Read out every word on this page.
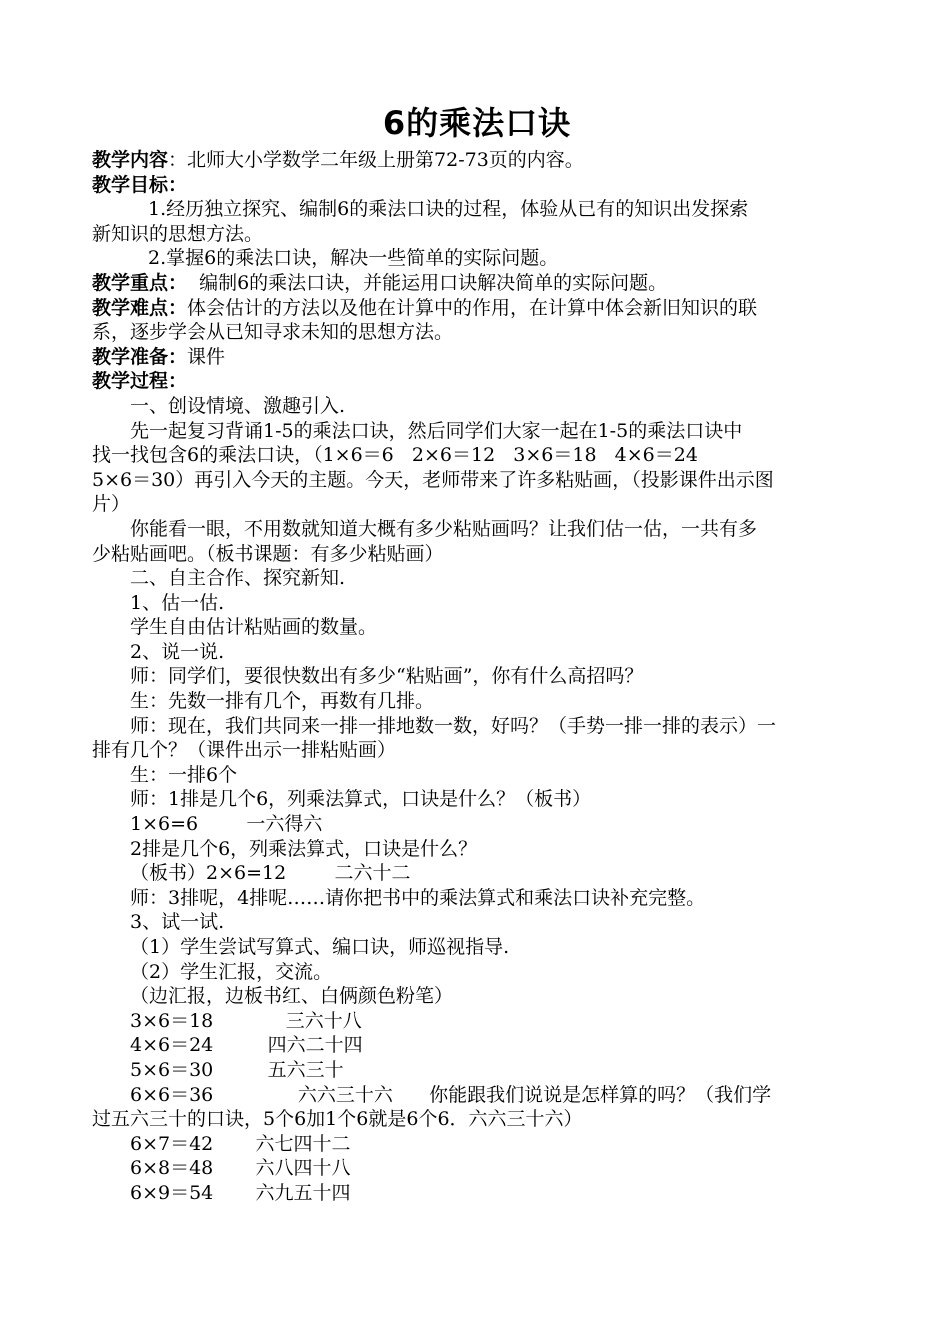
6的乘法口诀
教学内容：北师大小学数学二年级上册第72-73页的内容。
教学目标：
1.经历独立探究、编制6的乘法口诀的过程，体验从已有的知识出发探索
新知识的思想方法。
2.掌握6的乘法口诀，解决一些简单的实际问题。
教学重点：  编制6的乘法口诀，并能运用口诀解决简单的实际问题。
教学难点：体会估计的方法以及他在计算中的作用，在计算中体会新旧知识的联
系，逐步学会从已知寻求未知的思想方法。
教学准备：课件
教学过程：
一、创设情境、激趣引入.
先一起复习背诵1-5的乘法口诀，然后同学们大家一起在1-5的乘法口诀中
找一找包含6的乘法口诀，（1×6＝6   2×6＝12   3×6＝18   4×6＝24
5×6＝30）再引入今天的主题。今天，老师带来了许多粘贴画，（投影课件出示图
片）
你能看一眼，不用数就知道大概有多少粘贴画吗？让我们估一估，一共有多
少粘贴画吧。（板书课题：有多少粘贴画）
二、自主合作、探究新知.
1、估一估.
学生自由估计粘贴画的数量。
2、说一说.
师：同学们，要很快数出有多少“粘贴画”，你有什么高招吗？
生：先数一排有几个，再数有几排。
师：现在，我们共同来一排一排地数一数，好吗？（手势一排一排的表示）一
排有几个？（课件出示一排粘贴画）
生：一排6个
师：1排是几个6，列乘法算式，口诀是什么？（板书）
1×6=6        一六得六
2排是几个6，列乘法算式，口诀是什么？
（板书）2×6=12        二六十二
师：3排呢，4排呢……请你把书中的乘法算式和乘法口诀补充完整。
3、试一试.
（1）学生尝试写算式、编口诀，师巡视指导.
（2）学生汇报，交流。
（边汇报，边板书红、白俩颜色粉笔）
3×6＝18            三六十八
4×6＝24         四六二十四
5×6＝30         五六三十
6×6＝36              六六三十六      你能跟我们说说是怎样算的吗？（我们学
过五六三十的口诀，5个6加1个6就是6个6．六六三十六）
6×7＝42       六七四十二
6×8＝48       六八四十八
6×9＝54       六九五十四
